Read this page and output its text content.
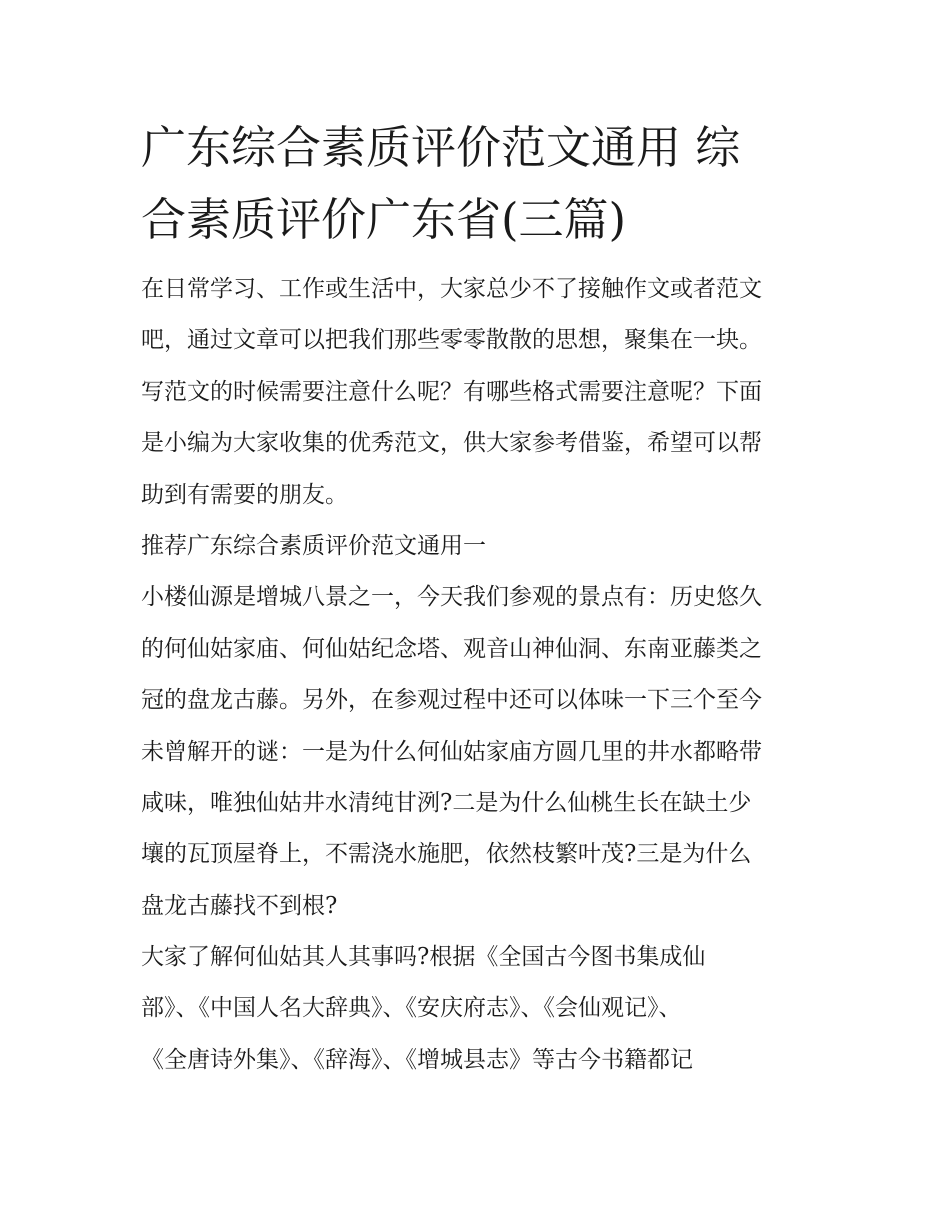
广东综合素质评价范文通用 综
合素质评价广东省(三篇)
在日常学习、工作或生活中，大家总少不了接触作文或者范文
吧，通过文章可以把我们那些零零散散的思想，聚集在一块。
写范文的时候需要注意什么呢？有哪些格式需要注意呢？下面
是小编为大家收集的优秀范文，供大家参考借鉴，希望可以帮
助到有需要的朋友。
推荐广东综合素质评价范文通用一
小楼仙源是增城八景之一，今天我们参观的景点有：历史悠久
的何仙姑家庙、何仙姑纪念塔、观音山神仙洞、东南亚藤类之
冠的盘龙古藤。另外，在参观过程中还可以体味一下三个至今
未曾解开的谜：一是为什么何仙姑家庙方圆几里的井水都略带
咸味，唯独仙姑井水清纯甘洌?二是为什么仙桃生长在缺土少
壤的瓦顶屋脊上，不需浇水施肥，依然枝繁叶茂?三是为什么
盘龙古藤找不到根?
大家了解何仙姑其人其事吗?根据《全国古今图书集成仙
部》、《中国人名大辞典》、《安庆府志》、《会仙观记》、
《全唐诗外集》、《辞海》、《增城县志》等古今书籍都记
